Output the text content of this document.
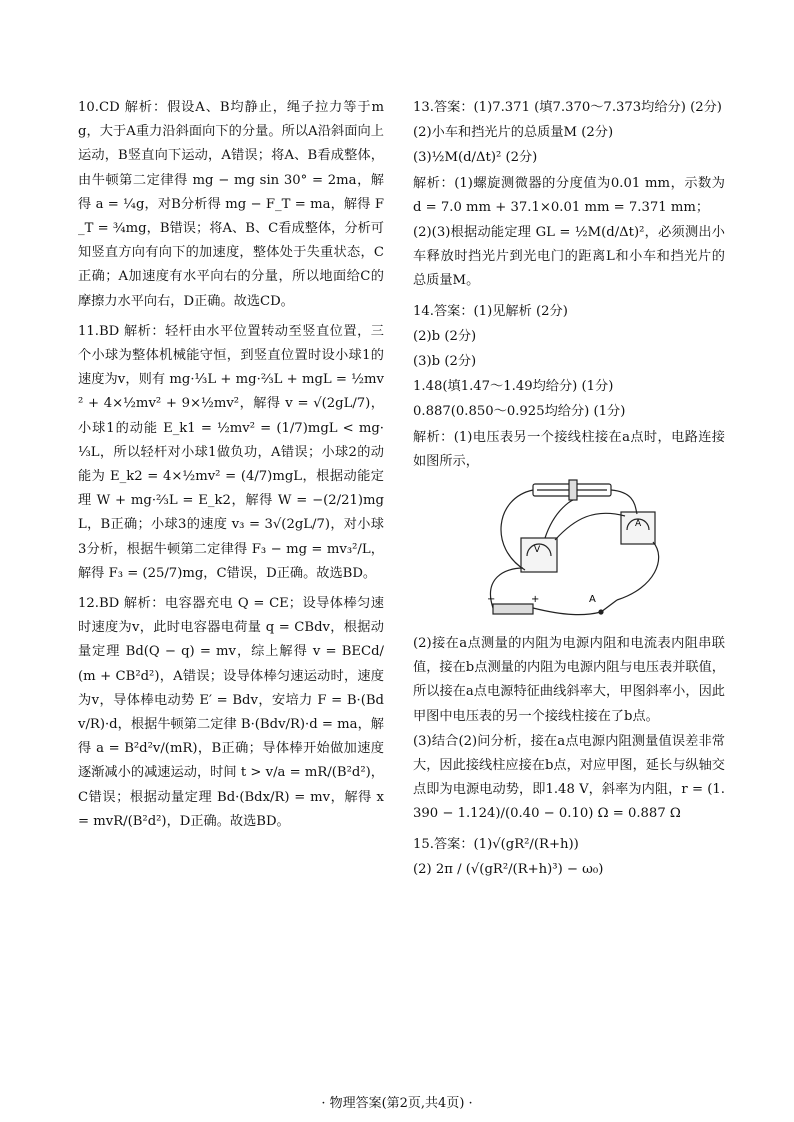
10.CD 解析：假设A、B均静止，绳子拉力等于mg，大于A重力沿斜面向下的分量。所以A沿斜面向上运动，B竖直向下运动，A错误；将A、B看成整体，由牛顿第二定律得 mg − mg sin 30° = 2ma，解得 a = ¼g，对B分析得 mg − F_T = ma，解得 F_T = ¾mg，B错误；将A、B、C看成整体，分析可知竖直方向有向下的加速度，整体处于失重状态，C正确；A加速度有水平向右的分量，所以地面给C的摩擦力水平向右，D正确。故选CD。

11.BD 解析：轻杆由水平位置转动至竖直位置，三个小球为整体机械能守恒，到竖直位置时设小球1的速度为v，则有 mg·⅓L + mg·⅔L + mgL = ½mv² + 4×½mv² + 9×½mv²，解得 v = √(2gL/7)，小球1的动能 E_k1 = ½mv² = (1/7)mgL < mg·⅓L，所以轻杆对小球1做负功，A错误；小球2的动能为 E_k2 = 4×½mv² = (4/7)mgL，根据动能定理 W + mg·⅔L = E_k2，解得 W = −(2/21)mgL，B正确；小球3的速度 v₃ = 3√(2gL/7)，对小球3分析，根据牛顿第二定律得 F₃ − mg = mv₃²/L，解得 F₃ = (25/7)mg，C错误，D正确。故选BD。

12.BD 解析：电容器充电 Q = CE；设导体棒匀速时速度为v，此时电容器电荷量 q = CBdv，根据动量定理 Bd(Q − q) = mv，综上解得 v = BECd/(m + CB²d²)，A错误；设导体棒匀速运动时，速度为v，导体棒电动势 E′ = Bdv，安培力 F = B·(Bdv/R)·d，根据牛顿第二定律 B·(Bdv/R)·d = ma，解得 a = B²d²v/(mR)，B正确；导体棒开始做加速度逐渐减小的减速运动，时间 t > v/a = mR/(B²d²)，C错误；根据动量定理 Bd·(Bdx/R) = mv，解得 x = mvR/(B²d²)，D正确。故选BD。

13.答案：(1)7.371 (填7.370～7.373均给分) (2分)

(2)小车和挡光片的总质量M (2分)

(3)½M(d/Δt)² (2分)

解析：(1)螺旋测微器的分度值为0.01 mm，示数为 d = 7.0 mm + 37.1×0.01 mm = 7.371 mm；

(2)(3)根据动能定理 GL = ½M(d/Δt)²，必须测出小车释放时挡光片到光电门的距离L和小车和挡光片的总质量M。

14.答案：(1)见解析 (2分)

(2)b (2分)

(3)b (2分)

1.48(填1.47～1.49均给分) (1分)

0.887(0.850～0.925均给分) (1分)

解析：(1)电压表另一个接线柱接在a点时，电路连接如图所示，

A
V
−	+	A

(2)接在a点测量的内阻为电源内阻和电流表内阻串联值，接在b点测量的内阻为电源内阻与电压表并联值，所以接在a点电源特征曲线斜率大，甲图斜率小，因此甲图中电压表的另一个接线柱接在了b点。

(3)结合(2)问分析，接在a点电源内阻测量值误差非常大，因此接线柱应接在b点，对应甲图，延长与纵轴交点即为电源电动势，即1.48 V，斜率为内阻，r = (1.390 − 1.124)/(0.40 − 0.10) Ω = 0.887 Ω

15.答案：(1)√(gR²/(R+h))

(2) 2π / (√(gR²/(R+h)³) − ω₀)

· 物理答案(第2页,共4页) ·
